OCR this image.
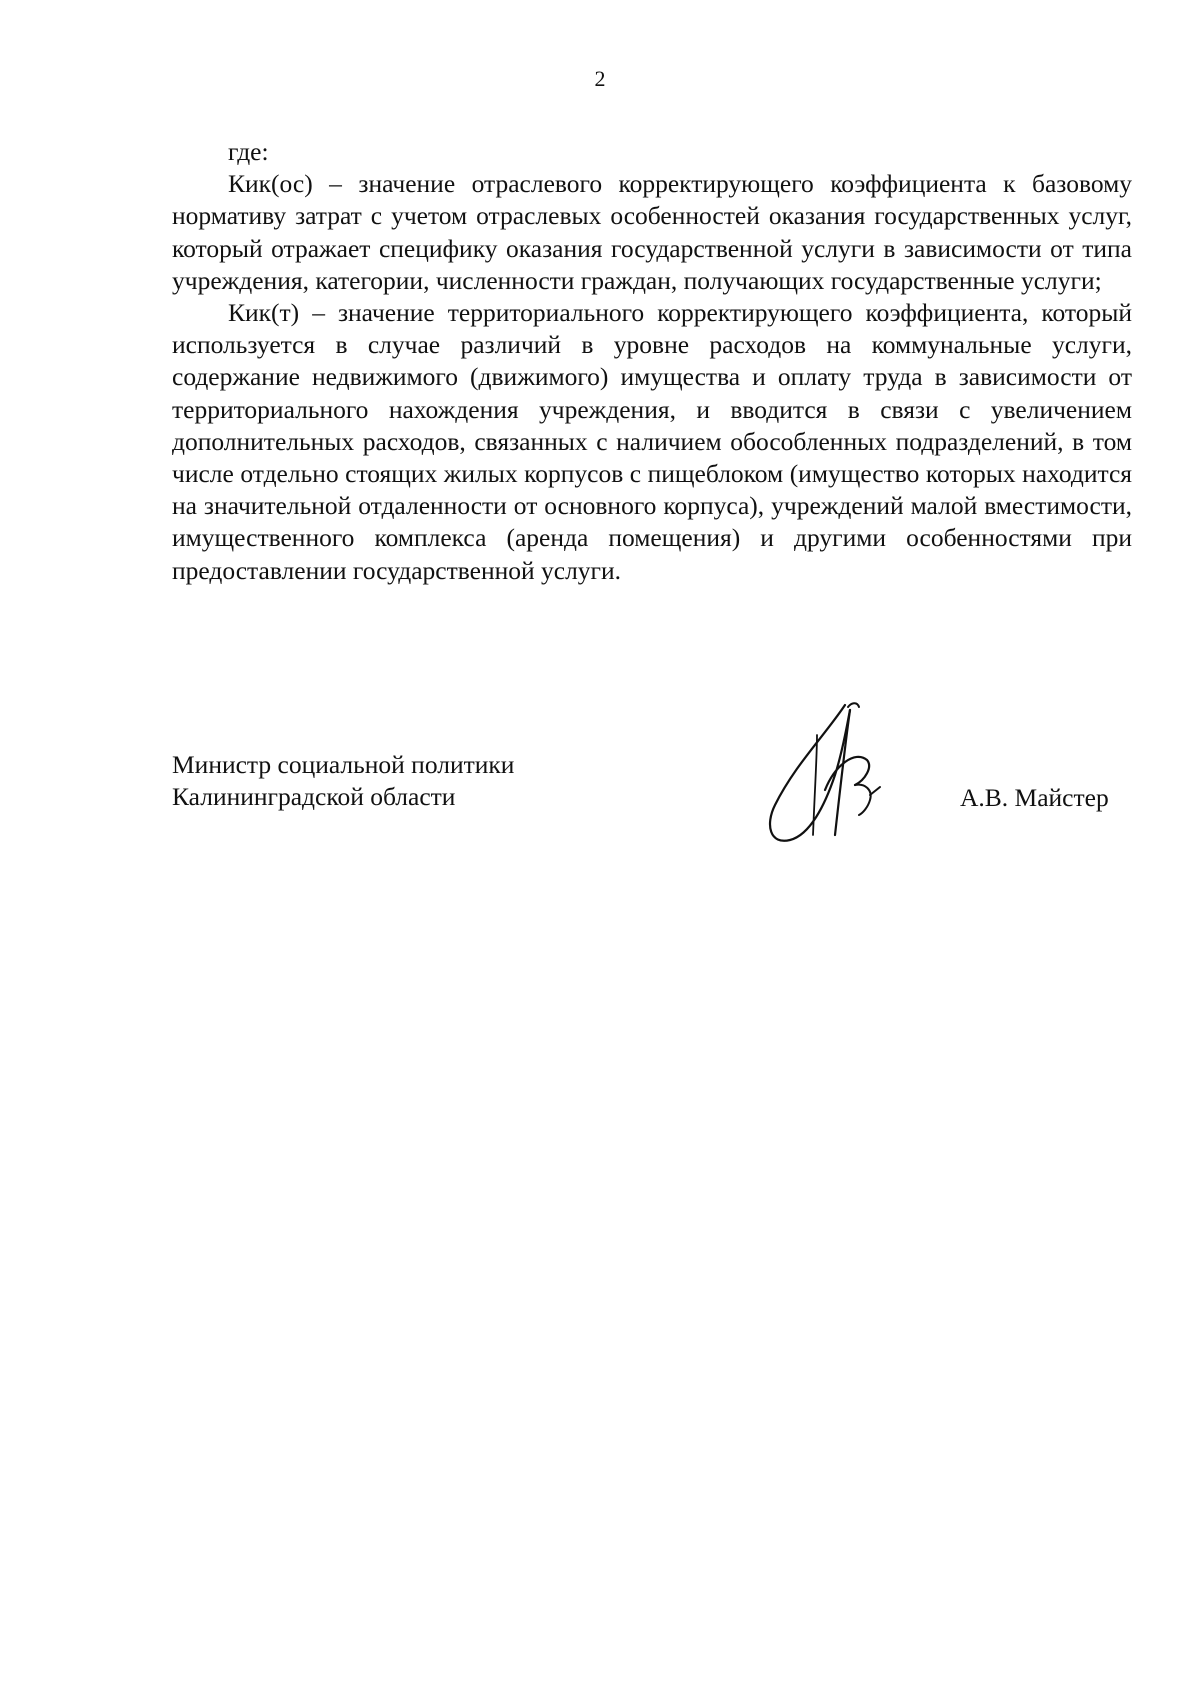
2

где:

Кик(ос) – значение отраслевого корректирующего коэффициента к базовому нормативу затрат с учетом отраслевых особенностей оказания государственных услуг, который отражает специфику оказания государственной услуги в зависимости от типа учреждения, категории, численности граждан, получающих государственные услуги;

Кик(т) – значение территориального корректирующего коэффициента, который используется в случае различий в уровне расходов на коммунальные услуги, содержание недвижимого (движимого) имущества и оплату труда в зависимости от территориального нахождения учреждения, и вводится в связи с увеличением дополнительных расходов, связанных с наличием обособленных подразделений, в том числе отдельно стоящих жилых корпусов с пищеблоком (имущество которых находится на значительной отдаленности от основного корпуса), учреждений малой вместимости, имущественного комплекса (аренда помещения) и другими особенностями при предоставлении государственной услуги.

Министр социальной политики
Калининградской области	А.В. Майстер
